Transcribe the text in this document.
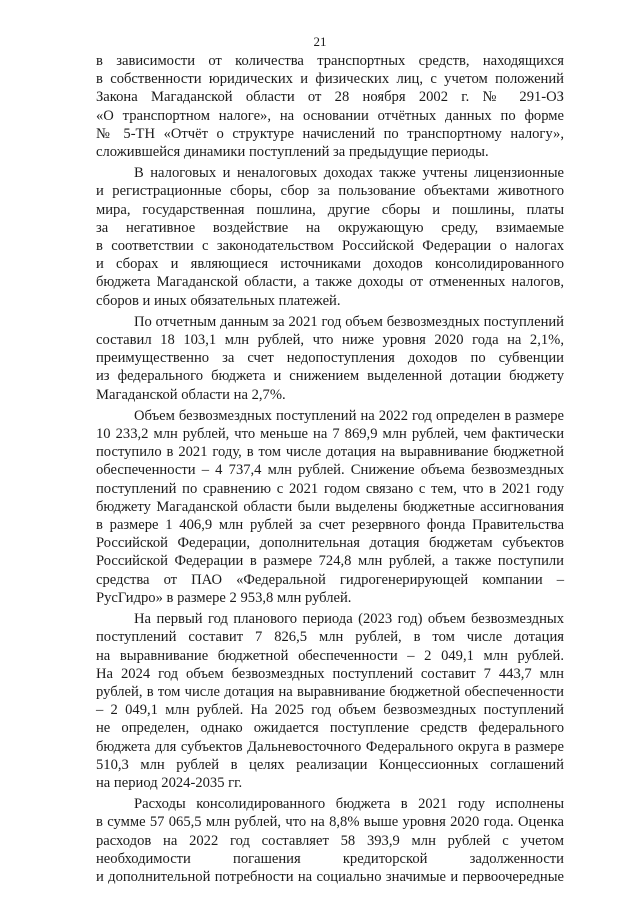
21

в зависимости от количества транспортных средств, находящихся

в собственности юридических и физических лиц, с учетом положений

Закона Магаданской области от 28 ноября 2002 г. № 291-ОЗ

«О транспортном налоге», на основании отчётных данных по форме

№ 5-ТН «Отчёт о структуре начислений по транспортному налогу»,

сложившейся динамики поступлений за предыдущие периоды.

В налоговых и неналоговых доходах также учтены лицензионные

и регистрационные сборы, сбор за пользование объектами животного

мира, государственная пошлина, другие сборы и пошлины, платы

за негативное воздействие на окружающую среду, взимаемые

в соответствии с законодательством Российской Федерации о налогах

и сборах и являющиеся источниками доходов консолидированного

бюджета Магаданской области, а также доходы от отмененных налогов,

сборов и иных обязательных платежей.

По отчетным данным за 2021 год объем безвозмездных поступлений

составил 18 103,1 млн рублей, что ниже уровня 2020 года на 2,1%,

преимущественно за счет недопоступления доходов по субвенции

из федерального бюджета и снижением выделенной дотации бюджету

Магаданской области на 2,7%.

Объем безвозмездных поступлений на 2022 год определен в размере

10 233,2 млн рублей, что меньше на 7 869,9 млн рублей, чем фактически

поступило в 2021 году, в том числе дотация на выравнивание бюджетной

обеспеченности – 4 737,4 млн рублей. Снижение объема безвозмездных

поступлений по сравнению с 2021 годом связано с тем, что в 2021 году

бюджету Магаданской области были выделены бюджетные ассигнования

в размере 1 406,9 млн рублей за счет резервного фонда Правительства

Российской Федерации, дополнительная дотация бюджетам субъектов

Российской Федерации в размере 724,8 млн рублей, а также поступили

средства от ПАО «Федеральной гидрогенерирующей компании –

РусГидро» в размере 2 953,8 млн рублей.

На первый год планового периода (2023 год) объем безвозмездных

поступлений составит 7 826,5 млн рублей, в том числе дотация

на выравнивание бюджетной обеспеченности – 2 049,1 млн рублей.

На 2024 год объем безвозмездных поступлений составит 7 443,7 млн

рублей, в том числе дотация на выравнивание бюджетной обеспеченности

– 2 049,1 млн рублей. На 2025 год объем безвозмездных поступлений

не определен, однако ожидается поступление средств федерального

бюджета для субъектов Дальневосточного Федерального округа в размере

510,3 млн рублей в целях реализации Концессионных соглашений

на период 2024-2035 гг.

Расходы консолидированного бюджета в 2021 году исполнены

в сумме 57 065,5 млн рублей, что на 8,8% выше уровня 2020 года. Оценка

расходов на 2022 год составляет 58 393,9 млн рублей с учетом

необходимости погашения кредиторской задолженности

и дополнительной потребности на социально значимые и первоочередные
